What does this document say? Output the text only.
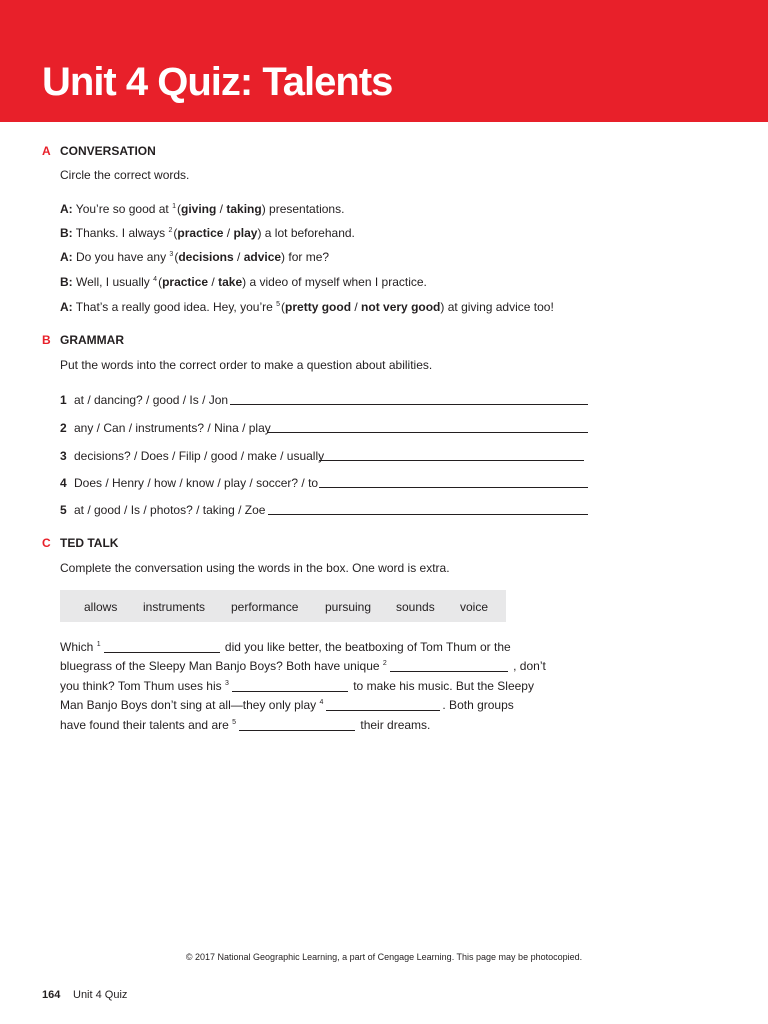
Unit 4 Quiz: Talents
A CONVERSATION
Circle the correct words.
A: You’re so good at $^1$(giving / taking) presentations.
B: Thanks. I always $^2$(practice / play) a lot beforehand.
A: Do you have any $^3$(decisions / advice) for me?
B: Well, I usually $^4$(practice / take) a video of myself when I practice.
A: That’s a really good idea. Hey, you’re $^5$(pretty good / not very good) at giving advice too!
B GRAMMAR
Put the words into the correct order to make a question about abilities.
1 at / dancing? / good / Is / Jon
2 any / Can / instruments? / Nina / play
3 decisions? / Does / Filip / good / make / usually
4 Does / Henry / how / know / play / soccer? / to
5 at / good / Is / photos? / taking / Zoe
C TED TALK
Complete the conversation using the words in the box. One word is extra.
allows instruments performance pursuing sounds voice
Which $^1$	did you like better, the beatboxing of Tom Thum or the
bluegrass of the Sleepy Man Banjo Boys? Both have unique $^2$	, don’t
you think? Tom Thum uses his $^3$	to make his music. But the Sleepy
Man Banjo Boys don’t sing at all—they only play $^4$	. Both groups
have found their talents and are $^5$	their dreams.
© 2017 National Geographic Learning, a part of Cengage Learning. This page may be photocopied.
164 Unit 4 Quiz
